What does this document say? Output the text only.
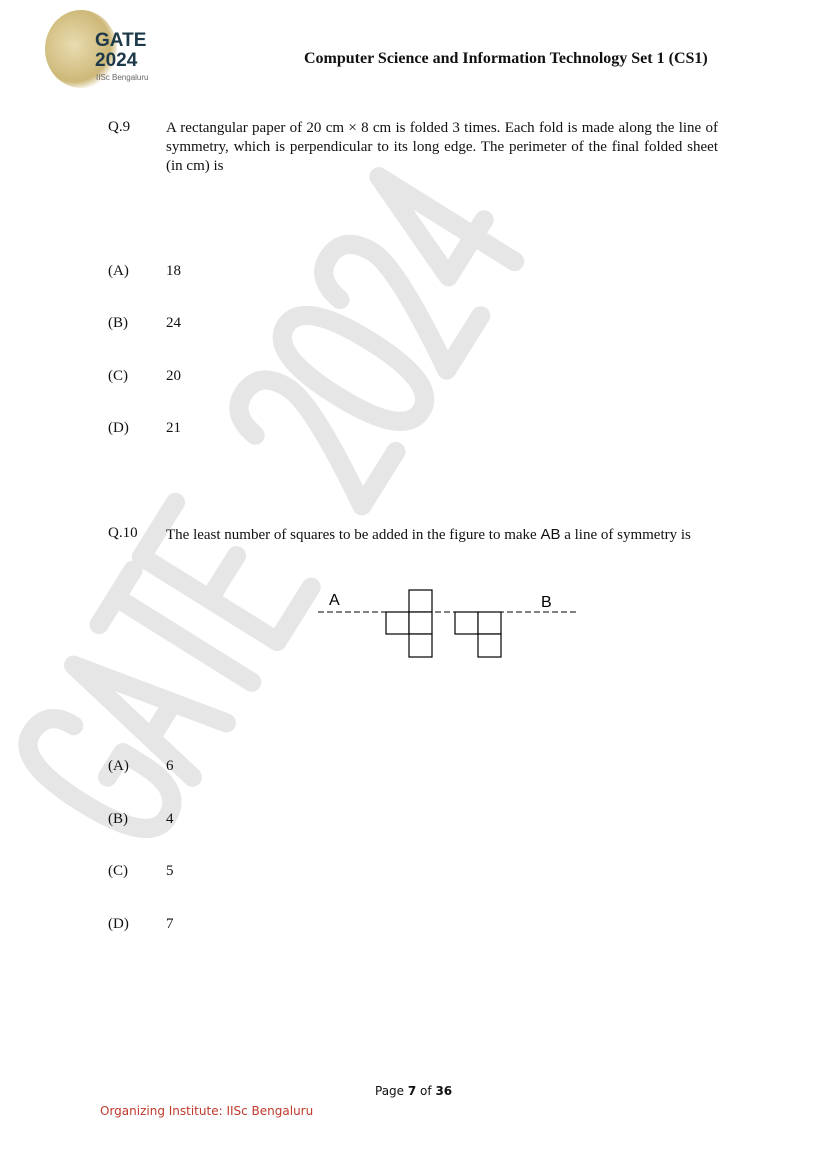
GATE
2024
IISc Bengaluru
Computer Science and Information Technology Set 1 (CS1)
Q.9 A rectangular paper of 20 cm × 8 cm is folded 3 times. Each fold is made along the line of symmetry, which is perpendicular to its long edge. The perimeter of the final folded sheet (in cm) is
(A) 18
(B)	24
(C)	20
(D) 21
Q.10 The least number of squares to be added in the figure to make AB a line of symmetry is
A	B
(A) 6
(B)	4
(C)	5
(D) 7
Page 7 of 36
Organizing Institute: IISc Bengaluru
